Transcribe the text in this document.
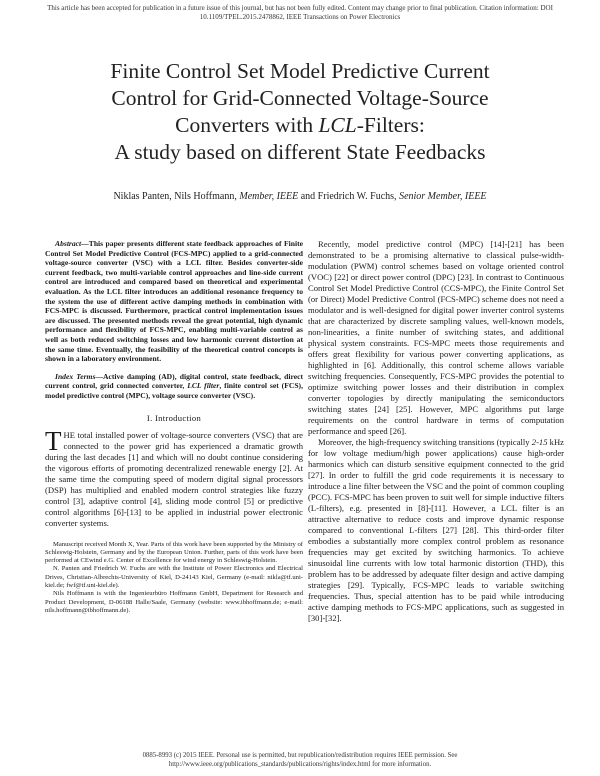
This article has been accepted for publication in a future issue of this journal, but has not been fully edited. Content may change prior to final publication. Citation information: DOI
10.1109/TPEL.2015.2478862, IEEE Transactions on Power Electronics
Finite Control Set Model Predictive Current
Control for Grid-Connected Voltage-Source
Converters with LCL-Filters:
A study based on different State Feedbacks
Niklas Panten, Nils Hoffmann, Member, IEEE and Friedrich W. Fuchs, Senior Member, IEEE

Abstract—This paper presents different state feedback approaches of Finite Control Set Model Predictive Control (FCS-MPC) applied to a grid-connected voltage-source converter (VSC) with a LCL filter. Besides converter-side current feedback, two multi-variable control approaches and line-side current control are introduced and compared based on theoretical and experimental evaluation. As the LCL filter introduces an additional resonance frequency to the system the use of different active damping methods in combination with FCS-MPC is discussed. Furthermore, practical control implementation issues are discussed. The presented methods reveal the great potential, high dynamic performance and flexibility of FCS-MPC, enabling multi-variable control as well as both reduced switching losses and low harmonic current distortion at the same time. Eventually, the feasibility of the theoretical control concepts is shown in a laboratory environment.

Index Terms—Active damping (AD), digital control, state feedback, direct current control, grid connected converter, LCL filter, finite control set (FCS), model predictive control (MPC), voltage source converter (VSC).

I. Introduction

THE total installed power of voltage-source converters (VSC) that are connected to the power grid has experienced a dramatic growth during the last decades [1] and which will no doubt continue considering the vigorous efforts of promoting decentralized renewable energy [2]. At the same time the computing speed of modern digital signal processors (DSP) has multiplied and enabled modern control strategies like fuzzy control [3], adaptive control [4], sliding mode control [5] or predictive control algorithms [6]-[13] to be applied in industrial power electronic converter systems.

Manuscript received Month X, Year. Parts of this work have been supported by the Ministry of Schleswig-Holstein, Germany and by the European Union. Further, parts of this work have been performed at CEwind e.G. Center of Excellence for wind energy in Schleswig-Holstein.

N. Panten and Friedrich W. Fuchs are with the Institute of Power Electronics and Electrical Drives, Christian-Albrechts-University of Kiel, D-24143 Kiel, Germany (e-mail: nikla@tf.uni-kiel.de; fwf@tf.uni-kiel.de).

Nils Hoffmann is with the Ingenieurbüro Hoffmann GmbH, Department for Research and Product Development, D-06188 Halle/Saale, Germany (website: www.ibhoffmann.de; e-mail: nils.hoffmann@ibhoffmann.de).

Recently, model predictive control (MPC) [14]-[21] has been demonstrated to be a promising alternative to classical pulse-width-modulation (PWM) control schemes based on voltage oriented control (VOC) [22] or direct power control (DPC) [23]. In contrast to Continuous Control Set Model Predictive Control (CCS-MPC), the Finite Control Set (or Direct) Model Predictive Control (FCS-MPC) scheme does not need a modulator and is well-designed for digital power inverter control systems that are characterized by discrete sampling values, well-known models, non-linearities, a finite number of switching states, and additional physical system constraints. FCS-MPC meets those requirements and offers great flexibility for various power converting applications, as highlighted in [6]. Additionally, this control scheme allows variable switching frequencies. Consequently, FCS-MPC provides the potential to optimize switching power losses and their distribution in complex converter topologies by directly manipulating the semiconductors switching states [24] [25]. However, MPC algorithms put large requirements on the control hardware in terms of computation performance and speed [26].

Moreover, the high-frequency switching transitions (typically 2-15 kHz for low voltage medium/high power applications) cause high-order harmonics which can disturb sensitive equipment connected to the grid [27]. In order to fulfill the grid code requirements it is necessary to introduce a line filter between the VSC and the point of common coupling (PCC). FCS-MPC has been proven to suit well for simple inductive filters (L-filters), e.g. presented in [8]-[11]. However, a LCL filter is an attractive alternative to reduce costs and improve dynamic response compared to conventional L-filters [27] [28]. This third-order filter embodies a substantially more complex control problem as resonance frequencies may get excited by switching harmonics. To achieve sinusoidal line currents with low total harmonic distortion (THD), this problem has to be addressed by adequate filter design and active damping strategies [29]. Typically, FCS-MPC leads to variable switching frequencies. Thus, special attention has to be paid while introducing active damping methods to FCS-MPC applications, such as suggested in [30]-[32].

0885-8993 (c) 2015 IEEE. Personal use is permitted, but republication/redistribution requires IEEE permission. See
http://www.ieee.org/publications_standards/publications/rights/index.html for more information.
